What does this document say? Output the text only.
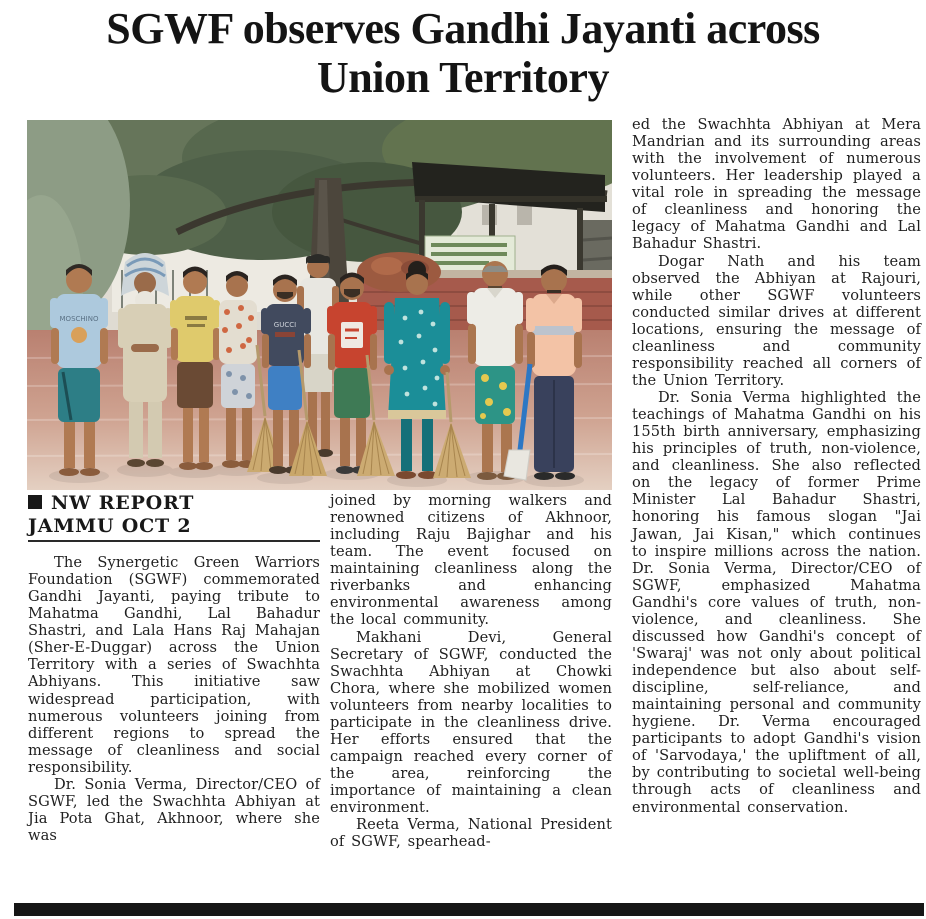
SGWF observes Gandhi Jayanti across
Union Territory
MOSCHINO
GUCCI
NW REPORT
JAMMU OCT 2

The Synergetic Green Warriors Foundation (SGWF) commemorated Gandhi Jayanti, paying tribute to Mahatma Gandhi, Lal Bahadur Shastri, and Lala Hans Raj Mahajan (Sher-E-Duggar) across the Union Territory with a series of Swachhta Abhiyans. This initiative saw widespread participation, with numerous volunteers joining from different regions to spread the message of cleanliness and social responsibility.

Dr. Sonia Verma, Director/CEO of SGWF, led the Swachhta Abhiyan at Jia Pota Ghat, Akhnoor, where she was

joined by morning walkers and renowned citizens of Akhnoor, including Raju Bajighar and his team. The event focused on maintaining cleanliness along the riverbanks and enhancing environmental awareness among the local community.

Makhani Devi, General Secretary of SGWF, conducted the Swachhta Abhiyan at Chowki Chora, where she mobilized women volunteers from nearby localities to participate in the cleanliness drive. Her efforts ensured that the campaign reached every corner of the area, reinforcing the importance of maintaining a clean environment.

Reeta Verma, National President of SGWF, spearhead-

ed the Swachhta Abhiyan at Mera Mandrian and its surrounding areas with the involvement of numerous volunteers. Her leadership played a vital role in spreading the message of cleanliness and honoring the legacy of Mahatma Gandhi and Lal Bahadur Shastri.

Dogar Nath and his team observed the Abhiyan at Rajouri, while other SGWF volunteers conducted similar drives at different locations, ensuring the message of cleanliness and community responsibility reached all corners of the Union Territory.

Dr. Sonia Verma highlighted the teachings of Mahatma Gandhi on his 155th birth anniversary, emphasizing his principles of truth, non-violence, and cleanliness. She also reflected on the legacy of former Prime Minister Lal Bahadur Shastri, honoring his famous slogan "Jai Jawan, Jai Kisan," which continues to inspire millions across the nation. Dr. Sonia Verma, Director/CEO of SGWF, emphasized Mahatma Gandhi's core values of truth, non-violence, and cleanliness. She discussed how Gandhi's concept of 'Swaraj' was not only about political independence but also about self-discipline, self-reliance, and maintaining personal and community hygiene. Dr. Verma encouraged participants to adopt Gandhi's vision of 'Sarvodaya,' the upliftment of all, by contributing to societal well-being through acts of cleanliness and environmental conservation.
